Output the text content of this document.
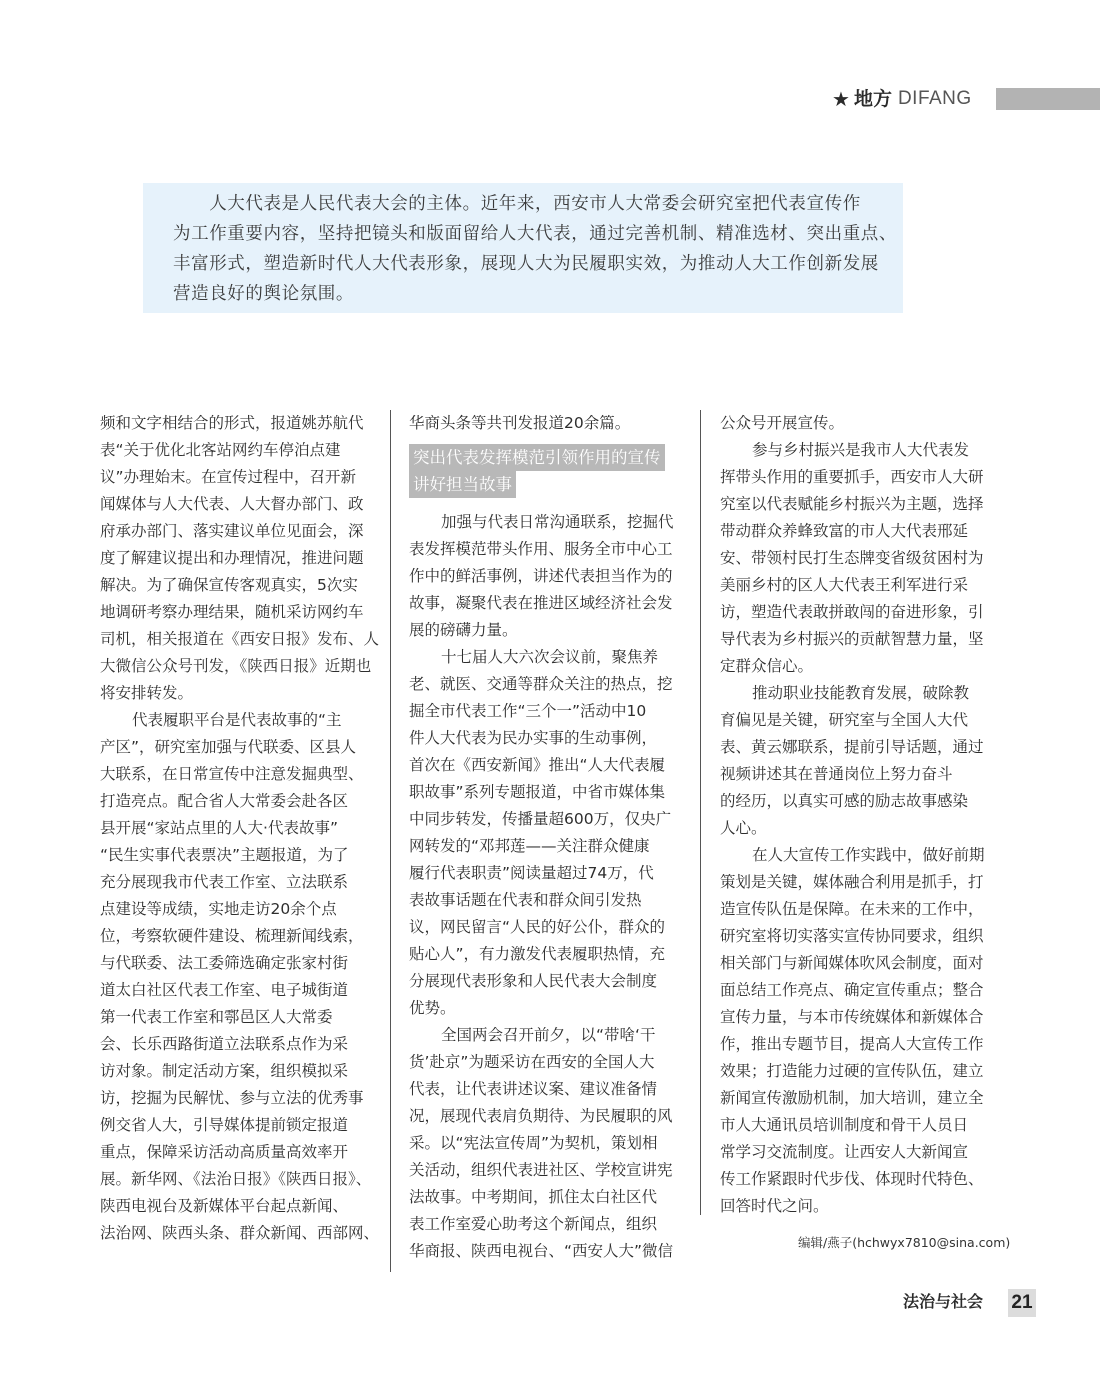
★ 地方 DIFANG
　　人大代表是人民代表大会的主体。近年来，西安市人大常委会研究室把代表宣传作
为工作重要内容，坚持把镜头和版面留给人大代表，通过完善机制、精准选材、突出重点、
丰富形式，塑造新时代人大代表形象，展现人大为民履职实效，为推动人大工作创新发展
营造良好的舆论氛围。
频和文字相结合的形式，报道姚苏航代
表“关于优化北客站网约车停泊点建
议”办理始末。在宣传过程中，召开新
闻媒体与人大代表、人大督办部门、政
府承办部门、落实建议单位见面会，深
度了解建议提出和办理情况，推进问题
解决。为了确保宣传客观真实，5次实
地调研考察办理结果，随机采访网约车
司机，相关报道在《西安日报》发布、人
大微信公众号刊发，《陕西日报》近期也
将安排转发。
代表履职平台是代表故事的“主
产区”，研究室加强与代联委、区县人
大联系，在日常宣传中注意发掘典型、
打造亮点。配合省人大常委会赴各区
县开展“家站点里的人大·代表故事”
“民生实事代表票决”主题报道，为了
充分展现我市代表工作室、立法联系
点建设等成绩，实地走访20余个点
位，考察软硬件建设、梳理新闻线索，
与代联委、法工委筛选确定张家村街
道太白社区代表工作室、电子城街道
第一代表工作室和鄠邑区人大常委
会、长乐西路街道立法联系点作为采
访对象。制定活动方案，组织模拟采
访，挖掘为民解忧、参与立法的优秀事
例交省人大，引导媒体提前锁定报道
重点，保障采访活动高质量高效率开
展。新华网、《法治日报》《陕西日报》、
陕西电视台及新媒体平台起点新闻、
法治网、陕西头条、群众新闻、西部网、
华商头条等共刊发报道20余篇。
突出代表发挥模范引领作用的宣传
讲好担当故事

加强与代表日常沟通联系，挖掘代
表发挥模范带头作用、服务全市中心工
作中的鲜活事例，讲述代表担当作为的
故事，凝聚代表在推进区域经济社会发
展的磅礴力量。
十七届人大六次会议前，聚焦养
老、就医、交通等群众关注的热点，挖
掘全市代表工作“三个一”活动中10
件人大代表为民办实事的生动事例，
首次在《西安新闻》推出“人大代表履
职故事”系列专题报道，中省市媒体集
中同步转发，传播量超600万，仅央广
网转发的“邓邦莲——关注群众健康
履行代表职责”阅读量超过74万，代
表故事话题在代表和群众间引发热
议，网民留言“人民的好公仆，群众的
贴心人”，有力激发代表履职热情，充
分展现代表形象和人民代表大会制度
优势。
全国两会召开前夕，以“带啥‘干
货’赴京”为题采访在西安的全国人大
代表，让代表讲述议案、建议准备情
况，展现代表肩负期待、为民履职的风
采。以“宪法宣传周”为契机，策划相
关活动，组织代表进社区、学校宣讲宪
法故事。中考期间，抓住太白社区代
表工作室爱心助考这个新闻点，组织
华商报、陕西电视台、“西安人大”微信
公众号开展宣传。
参与乡村振兴是我市人大代表发
挥带头作用的重要抓手，西安市人大研
究室以代表赋能乡村振兴为主题，选择
带动群众养蜂致富的市人大代表邢延
安、带领村民打生态牌变省级贫困村为
美丽乡村的区人大代表王利军进行采
访，塑造代表敢拼敢闯的奋进形象，引
导代表为乡村振兴的贡献智慧力量，坚
定群众信心。
推动职业技能教育发展，破除教
育偏见是关键，研究室与全国人大代
表、黄云娜联系，提前引导话题，通过
视频讲述其在普通岗位上努力奋斗
的经历，以真实可感的励志故事感染
人心。
在人大宣传工作实践中，做好前期
策划是关键，媒体融合利用是抓手，打
造宣传队伍是保障。在未来的工作中，
研究室将切实落实宣传协同要求，组织
相关部门与新闻媒体吹风会制度，面对
面总结工作亮点、确定宣传重点；整合
宣传力量，与本市传统媒体和新媒体合
作，推出专题节目，提高人大宣传工作
效果；打造能力过硬的宣传队伍，建立
新闻宣传激励机制，加大培训，建立全
市人大通讯员培训制度和骨干人员日
常学习交流制度。让西安人大新闻宣
传工作紧跟时代步伐、体现时代特色、
回答时代之问。
编辑/燕子(hchwyx7810@sina.com)
法治与社会 21
